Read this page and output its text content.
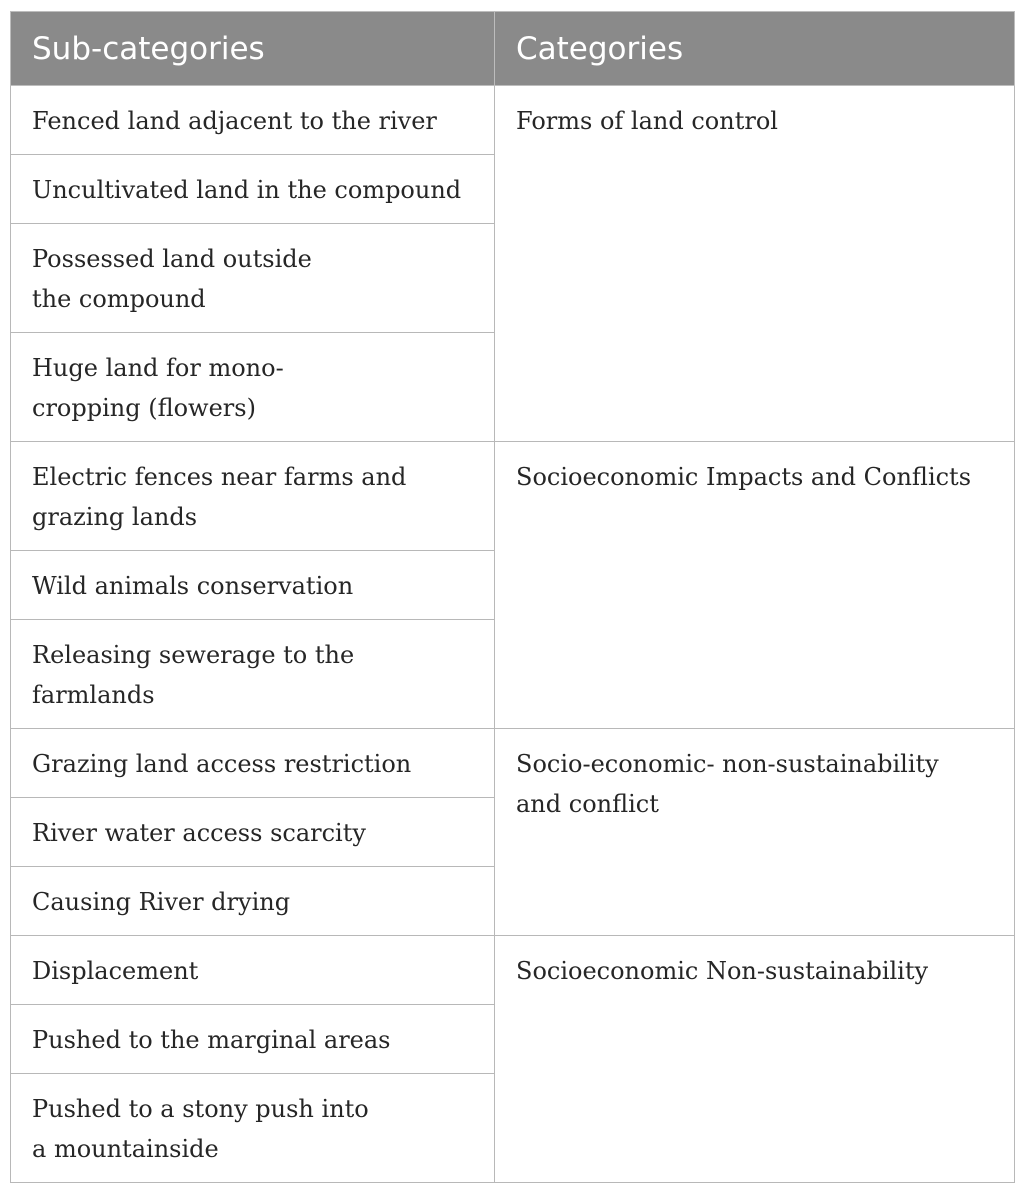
Sub-categories	Categories

Fenced land adjacent to the river	Forms of land control

Uncultivated land in the compound	

Possessed land outside
the compound	

Huge land for mono-
cropping (flowers)	

Electric fences near farms and
grazing lands	Socioeconomic Impacts and Conflicts

Wild animals conservation	

Releasing sewerage to the farmlands	

Grazing land access restriction	Socio-economic- non-sustainability
and conflict

River water access scarcity	

Causing River drying	

Displacement	Socioeconomic Non-sustainability

Pushed to the marginal areas	

Pushed to a stony push into
a mountainside	
